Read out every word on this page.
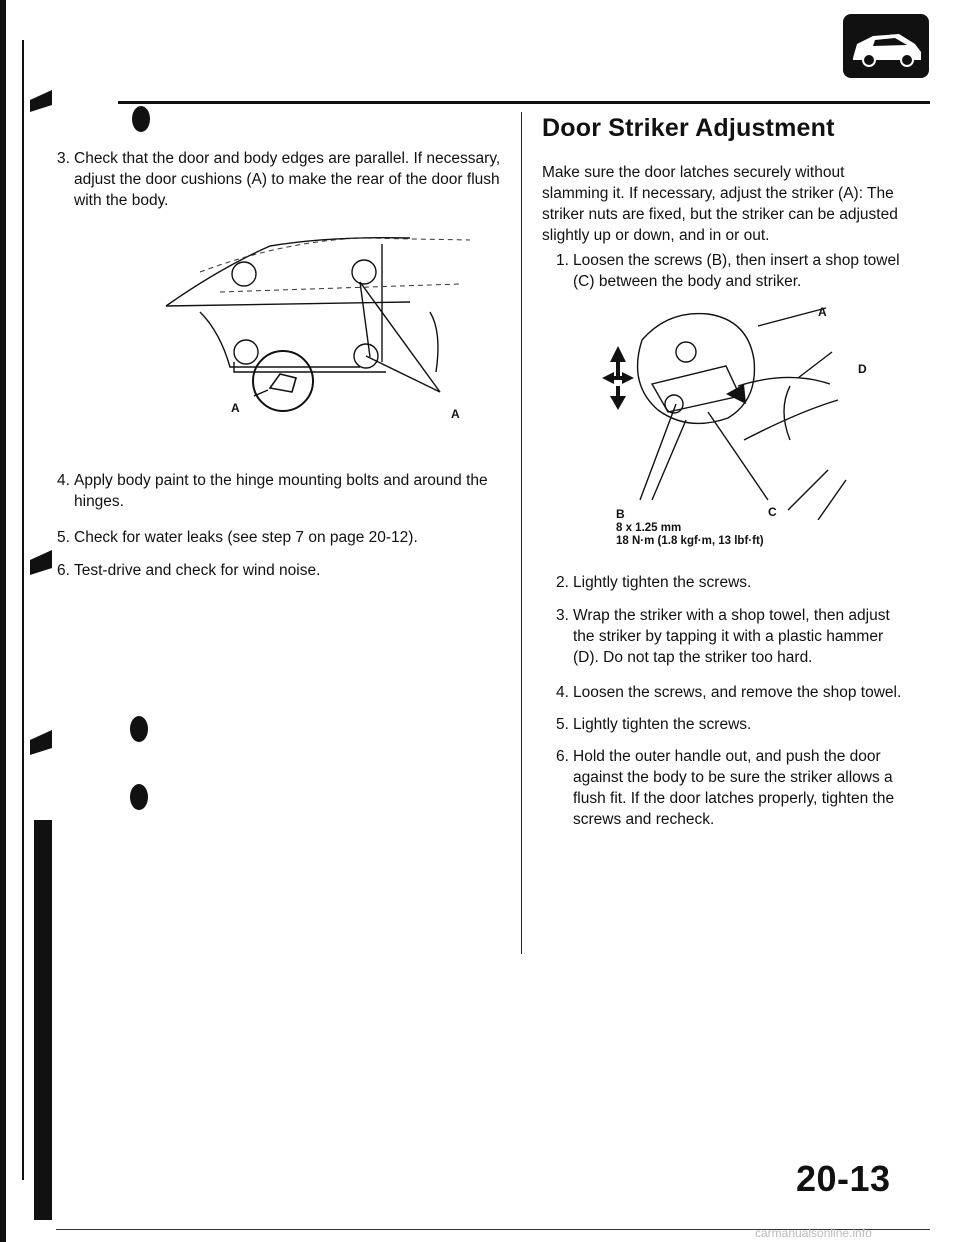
Door Striker Adjustment
3. Check that the door and body edges are parallel. If necessary, adjust the door cushions (A) to make the rear of the door flush with the body.
A	A
4. Apply body paint to the hinge mounting bolts and around the hinges.
5. Check for water leaks (see step 7 on page 20-12).
6. Test-drive and check for wind noise.
Make sure the door latches securely without slamming it. If necessary, adjust the striker (A): The striker nuts are fixed, but the striker can be adjusted slightly up or down, and in or out.
1. Loosen the screws (B), then insert a shop towel (C) between the body and striker.
A
D
B	C
8 x 1.25 mm
18 N·m (1.8 kgf·m, 13 lbf·ft)
2. Lightly tighten the screws.
3. Wrap the striker with a shop towel, then adjust the striker by tapping it with a plastic hammer (D). Do not tap the striker too hard.
4. Loosen the screws, and remove the shop towel.
5. Lightly tighten the screws.
6. Hold the outer handle out, and push the door against the body to be sure the striker allows a flush fit. If the door latches properly, tighten the screws and recheck.
20-13
carmanualsonline.info
